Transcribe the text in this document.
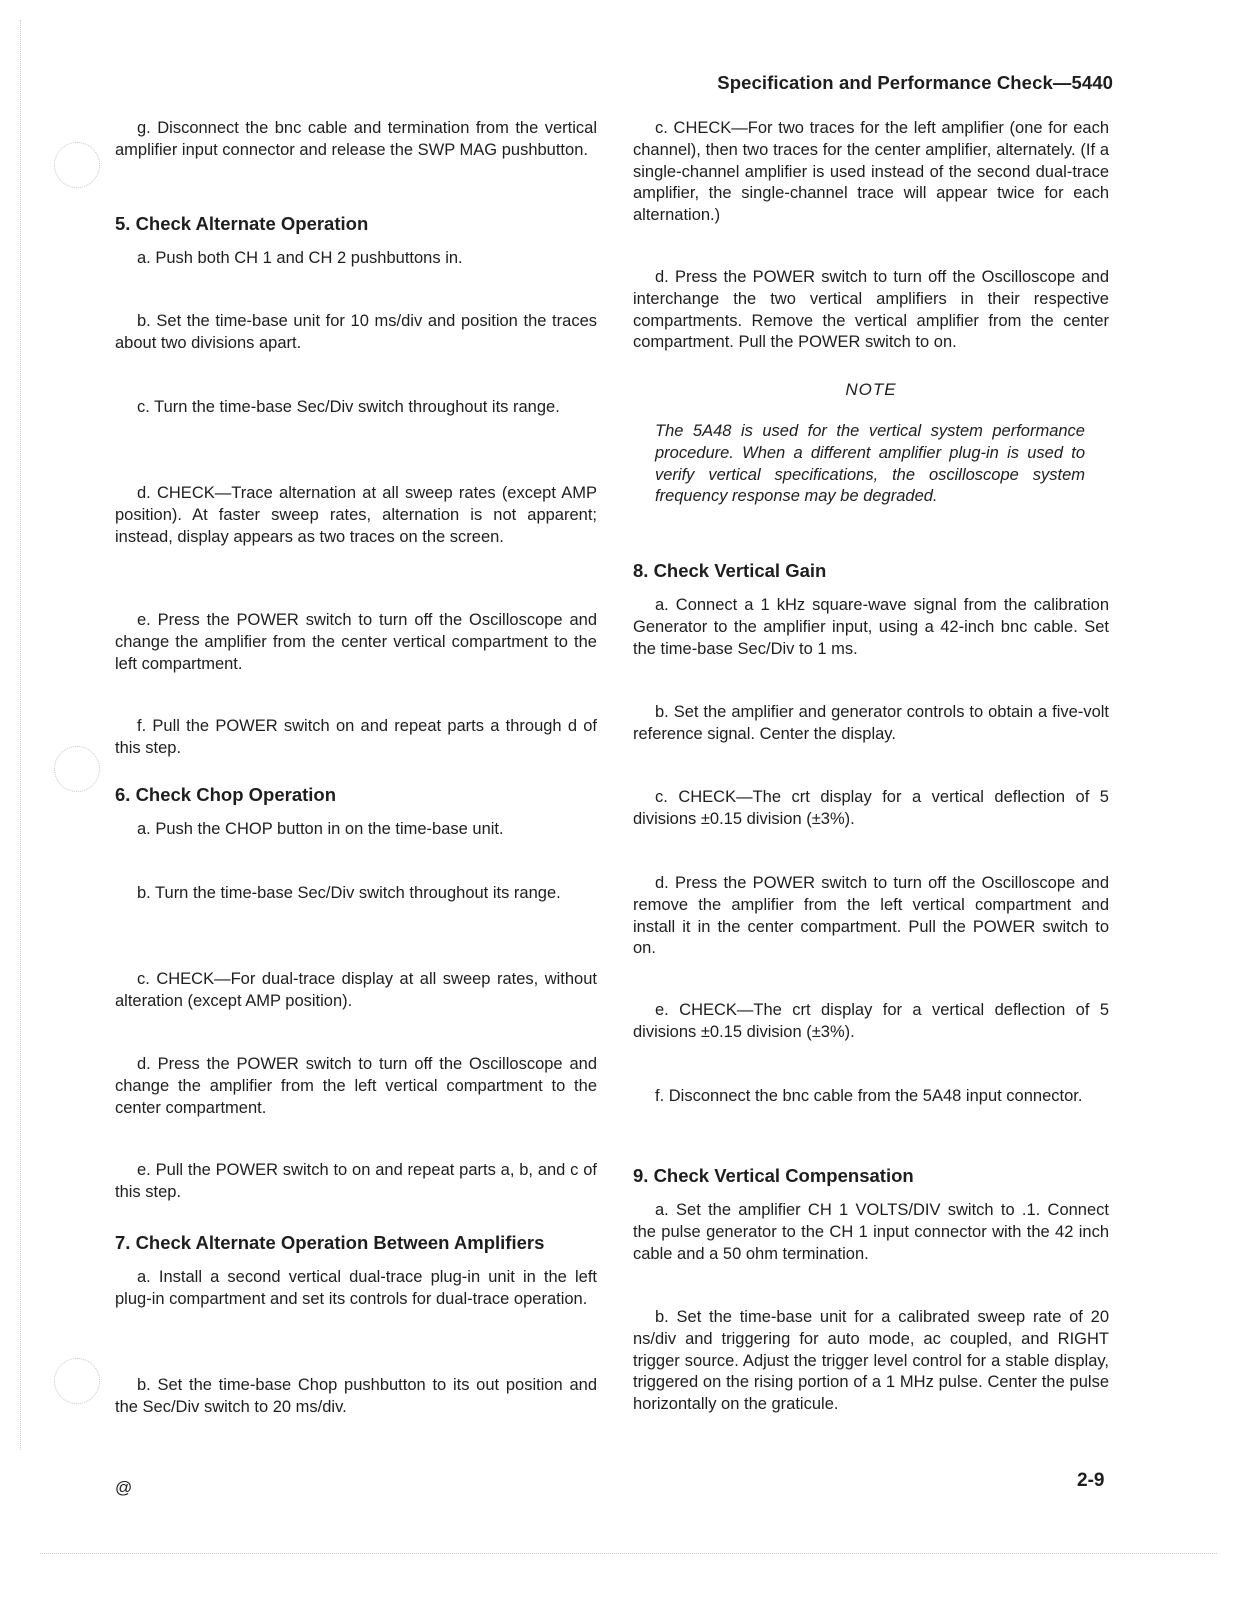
Specification and Performance Check—5440

g. Disconnect the bnc cable and termination from the vertical amplifier input connector and release the SWP MAG pushbutton.

5. Check Alternate Operation

a. Push both CH 1 and CH 2 pushbuttons in.

b. Set the time-base unit for 10 ms/div and position the traces about two divisions apart.

c. Turn the time-base Sec/Div switch throughout its range.

d. CHECK—Trace alternation at all sweep rates (except AMP position). At faster sweep rates, alternation is not apparent; instead, display appears as two traces on the screen.

e. Press the POWER switch to turn off the Oscilloscope and change the amplifier from the center vertical compartment to the left compartment.

f. Pull the POWER switch on and repeat parts a through d of this step.

6. Check Chop Operation

a. Push the CHOP button in on the time-base unit.

b. Turn the time-base Sec/Div switch throughout its range.

c. CHECK—For dual-trace display at all sweep rates, without alteration (except AMP position).

d. Press the POWER switch to turn off the Oscilloscope and change the amplifier from the left vertical compartment to the center compartment.

e. Pull the POWER switch to on and repeat parts a, b, and c of this step.

7. Check Alternate Operation Between Amplifiers

a. Install a second vertical dual-trace plug-in unit in the left plug-in compartment and set its controls for dual-trace operation.

b. Set the time-base Chop pushbutton to its out position and the Sec/Div switch to 20 ms/div.

c. CHECK—For two traces for the left amplifier (one for each channel), then two traces for the center amplifier, alternately. (If a single-channel amplifier is used instead of the second dual-trace amplifier, the single-channel trace will appear twice for each alternation.)

d. Press the POWER switch to turn off the Oscilloscope and interchange the two vertical amplifiers in their respective compartments. Remove the vertical amplifier from the center compartment. Pull the POWER switch to on.

NOTE
The 5A48 is used for the vertical system performance procedure. When a different amplifier plug-in is used to verify vertical specifications, the oscilloscope system frequency response may be degraded.
8. Check Vertical Gain

a. Connect a 1 kHz square-wave signal from the calibration Generator to the amplifier input, using a 42-inch bnc cable. Set the time-base Sec/Div to 1 ms.

b. Set the amplifier and generator controls to obtain a five-volt reference signal. Center the display.

c. CHECK—The crt display for a vertical deflection of 5 divisions ±0.15 division (±3%).

d. Press the POWER switch to turn off the Oscilloscope and remove the amplifier from the left vertical compartment and install it in the center compartment. Pull the POWER switch to on.

e. CHECK—The crt display for a vertical deflection of 5 divisions ±0.15 division (±3%).

f. Disconnect the bnc cable from the 5A48 input connector.

9. Check Vertical Compensation

a. Set the amplifier CH 1 VOLTS/DIV switch to .1. Connect the pulse generator to the CH 1 input connector with the 42 inch cable and a 50 ohm termination.

b. Set the time-base unit for a calibrated sweep rate of 20 ns/div and triggering for auto mode, ac coupled, and RIGHT trigger source. Adjust the trigger level control for a stable display, triggered on the rising portion of a 1 MHz pulse. Center the pulse horizontally on the graticule.

@	2-9
